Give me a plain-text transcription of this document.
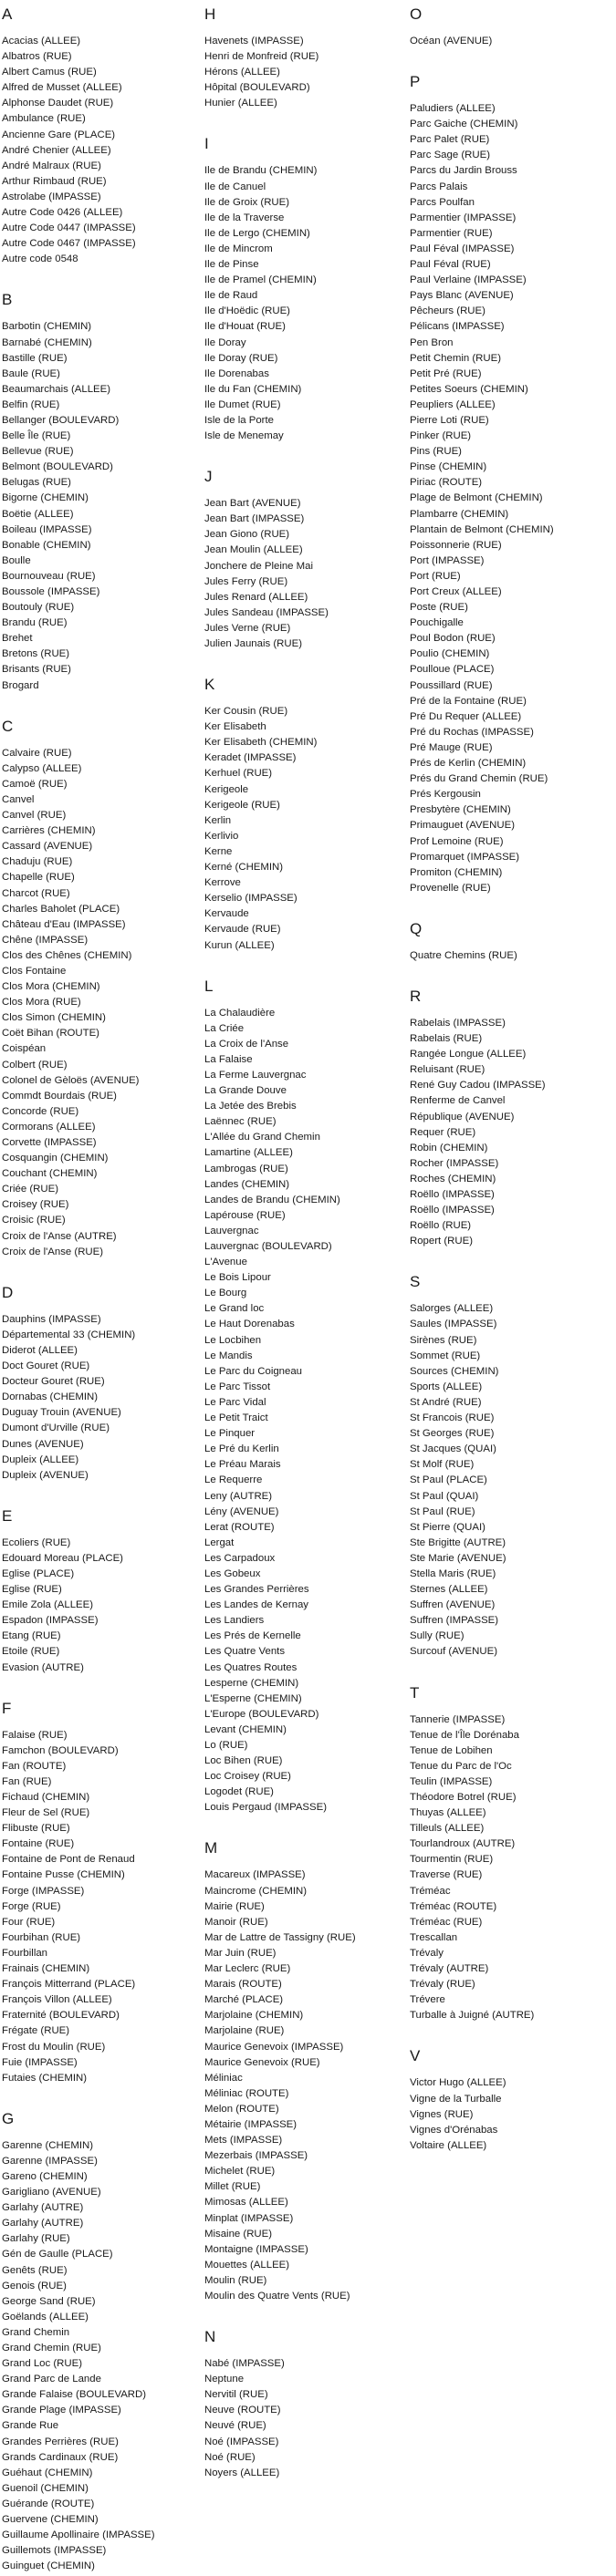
A
Acacias (ALLEE)
Albatros (RUE)
Albert Camus (RUE)
Alfred de Musset (ALLEE)
Alphonse Daudet (RUE)
Ambulance (RUE)
Ancienne Gare (PLACE)
André Chenier (ALLEE)
André Malraux (RUE)
Arthur Rimbaud (RUE)
Astrolabe (IMPASSE)
Autre Code 0426 (ALLEE)
Autre Code 0447 (IMPASSE)
Autre Code 0467 (IMPASSE)
Autre code 0548
B
Barbotin (CHEMIN)
Barnabé (CHEMIN)
Bastille (RUE)
Baule (RUE)
Beaumarchais (ALLEE)
Belfin (RUE)
Bellanger (BOULEVARD)
Belle Île (RUE)
Bellevue (RUE)
Belmont (BOULEVARD)
Belugas (RUE)
Bigorne (CHEMIN)
Boëtie (ALLEE)
Boileau (IMPASSE)
Bonable (CHEMIN)
Boulle
Bournouveau (RUE)
Boussole (IMPASSE)
Boutouly (RUE)
Brandu (RUE)
Brehet
Bretons (RUE)
Brisants (RUE)
Brogard
C
Calvaire (RUE)
Calypso (ALLEE)
Camoë (RUE)
Canvel
Canvel (RUE)
Carrières (CHEMIN)
Cassard (AVENUE)
Chaduju (RUE)
Chapelle (RUE)
Charcot (RUE)
Charles Baholet (PLACE)
Château d'Eau (IMPASSE)
Chêne (IMPASSE)
Clos des Chênes (CHEMIN)
Clos Fontaine
Clos Mora (CHEMIN)
Clos Mora (RUE)
Clos Simon (CHEMIN)
Coët Bihan (ROUTE)
Coispéan
Colbert (RUE)
Colonel de Gèloës (AVENUE)
Commdt Bourdais (RUE)
Concorde (RUE)
Cormorans (ALLEE)
Corvette (IMPASSE)
Cosquangin (CHEMIN)
Couchant (CHEMIN)
Criée (RUE)
Croisey (RUE)
Croisic (RUE)
Croix de l'Anse (AUTRE)
Croix de l'Anse (RUE)
D
Dauphins (IMPASSE)
Départemental 33 (CHEMIN)
Diderot (ALLEE)
Doct Gouret (RUE)
Docteur Gouret (RUE)
Dornabas (CHEMIN)
Duguay Trouin (AVENUE)
Dumont d'Urville (RUE)
Dunes (AVENUE)
Dupleix (ALLEE)
Dupleix (AVENUE)
E
Ecoliers (RUE)
Edouard Moreau (PLACE)
Eglise (PLACE)
Eglise (RUE)
Emile Zola (ALLEE)
Espadon (IMPASSE)
Etang (RUE)
Etoile (RUE)
Evasion (AUTRE)
F
Falaise (RUE)
Famchon (BOULEVARD)
Fan (ROUTE)
Fan (RUE)
Fichaud (CHEMIN)
Fleur de Sel (RUE)
Flibuste (RUE)
Fontaine (RUE)
Fontaine de Pont de Renaud
Fontaine Pusse (CHEMIN)
Forge (IMPASSE)
Forge (RUE)
Four (RUE)
Fourbihan (RUE)
Fourbillan
Frainais (CHEMIN)
François Mitterrand (PLACE)
François Villon (ALLEE)
Fraternité (BOULEVARD)
Frégate (RUE)
Frost du Moulin (RUE)
Fuie (IMPASSE)
Futaies (CHEMIN)
G
Garenne (CHEMIN)
Garenne (IMPASSE)
Gareno (CHEMIN)
Garigliano (AVENUE)
Garlahy (AUTRE)
Garlahy (AUTRE)
Garlahy (RUE)
Gén de Gaulle (PLACE)
Genêts (RUE)
Genois (RUE)
George Sand (RUE)
Goëlands (ALLEE)
Grand Chemin
Grand Chemin (RUE)
Grand Loc (RUE)
Grand Parc de Lande
Grande Falaise (BOULEVARD)
Grande Plage (IMPASSE)
Grande Rue
Grandes Perrières (RUE)
Grands Cardinaux (RUE)
Guéhaut (CHEMIN)
Guenoil (CHEMIN)
Guérande (ROUTE)
Guervene (CHEMIN)
Guillaume Apollinaire (IMPASSE)
Guillemots (IMPASSE)
Guinguet (CHEMIN)
H
Havenets (IMPASSE)
Henri de Monfreid (RUE)
Hérons (ALLEE)
Hôpital (BOULEVARD)
Hunier (ALLEE)
I
Ile de Brandu (CHEMIN)
Ile de Canuel
Ile de Groix (RUE)
Ile de la Traverse
Ile de Lergo (CHEMIN)
Ile de Mincrom
Ile de Pinse
Ile de Pramel (CHEMIN)
Ile de Raud
Ile d'Hoëdic (RUE)
Ile d'Houat (RUE)
Ile Doray
Ile Doray (RUE)
Ile Dorenabas
Ile du Fan (CHEMIN)
Ile Dumet (RUE)
Isle de la Porte
Isle de Menemay
J
Jean Bart (AVENUE)
Jean Bart (IMPASSE)
Jean Giono (RUE)
Jean Moulin (ALLEE)
Jonchere de Pleine Mai
Jules Ferry (RUE)
Jules Renard (ALLEE)
Jules Sandeau (IMPASSE)
Jules Verne (RUE)
Julien Jaunais (RUE)
K
Ker Cousin (RUE)
Ker Elisabeth
Ker Elisabeth (CHEMIN)
Keradet (IMPASSE)
Kerhuel (RUE)
Kerigeole
Kerigeole (RUE)
Kerlin
Kerlivio
Kerne
Kerné (CHEMIN)
Kerrove
Kerselio (IMPASSE)
Kervaude
Kervaude (RUE)
Kurun (ALLEE)
L
La Chalaudière
La Criée
La Croix de l'Anse
La Falaise
La Ferme Lauvergnac
La Grande Douve
La Jetée des Brebis
Laënnec (RUE)
L'Allée du Grand Chemin
Lamartine (ALLEE)
Lambrogas (RUE)
Landes (CHEMIN)
Landes de Brandu (CHEMIN)
Lapérouse (RUE)
Lauvergnac
Lauvergnac (BOULEVARD)
L'Avenue
Le Bois Lipour
Le Bourg
Le Grand loc
Le Haut Dorenabas
Le Locbihen
Le Mandis
Le Parc du Coigneau
Le Parc Tissot
Le Parc Vidal
Le Petit Traict
Le Pinquer
Le Pré du Kerlin
Le Préau Marais
Le Requerre
Leny (AUTRE)
Lény (AVENUE)
Lerat (ROUTE)
Lergat
Les Carpadoux
Les Gobeux
Les Grandes Perrières
Les Landes de Kernay
Les Landiers
Les Prés de Kernelle
Les Quatre Vents
Les Quatres Routes
Lesperne (CHEMIN)
L'Esperne (CHEMIN)
L'Europe (BOULEVARD)
Levant (CHEMIN)
Lo (RUE)
Loc Bihen (RUE)
Loc Croisey (RUE)
Logodet (RUE)
Louis Pergaud (IMPASSE)
M
Macareux (IMPASSE)
Maincrome (CHEMIN)
Mairie (RUE)
Manoir (RUE)
Mar de Lattre de Tassigny (RUE)
Mar Juin (RUE)
Mar Leclerc (RUE)
Marais (ROUTE)
Marché (PLACE)
Marjolaine (CHEMIN)
Marjolaine (RUE)
Maurice Genevoix (IMPASSE)
Maurice Genevoix (RUE)
Méliniac
Méliniac (ROUTE)
Melon (ROUTE)
Métairie (IMPASSE)
Mets (IMPASSE)
Mezerbais (IMPASSE)
Michelet (RUE)
Millet (RUE)
Mimosas (ALLEE)
Minplat (IMPASSE)
Misaine (RUE)
Montaigne (IMPASSE)
Mouettes (ALLEE)
Moulin (RUE)
Moulin des Quatre Vents (RUE)
N
Nabé (IMPASSE)
Neptune
Nervitil (RUE)
Neuve (ROUTE)
Neuvé (RUE)
Noé (IMPASSE)
Noé (RUE)
Noyers (ALLEE)
O
Océan (AVENUE)
P
Paludiers (ALLEE)
Parc Gaiche (CHEMIN)
Parc Palet (RUE)
Parc Sage (RUE)
Parcs du Jardin Brouss
Parcs Palais
Parcs Poulfan
Parmentier (IMPASSE)
Parmentier (RUE)
Paul Féval (IMPASSE)
Paul Féval (RUE)
Paul Verlaine (IMPASSE)
Pays Blanc (AVENUE)
Pêcheurs (RUE)
Pélicans (IMPASSE)
Pen Bron
Petit Chemin (RUE)
Petit Pré (RUE)
Petites Soeurs (CHEMIN)
Peupliers (ALLEE)
Pierre Loti (RUE)
Pinker (RUE)
Pins (RUE)
Pinse (CHEMIN)
Piriac (ROUTE)
Plage de Belmont (CHEMIN)
Plambarre (CHEMIN)
Plantain de Belmont (CHEMIN)
Poissonnerie (RUE)
Port (IMPASSE)
Port (RUE)
Port Creux (ALLEE)
Poste (RUE)
Pouchigalle
Poul Bodon (RUE)
Poulio (CHEMIN)
Poulloue (PLACE)
Poussillard (RUE)
Pré de la Fontaine (RUE)
Pré Du Requer (ALLEE)
Pré du Rochas (IMPASSE)
Pré Mauge (RUE)
Prés de Kerlin (CHEMIN)
Prés du Grand Chemin (RUE)
Prés Kergousin
Presbytère (CHEMIN)
Primauguet (AVENUE)
Prof Lemoine (RUE)
Promarquet (IMPASSE)
Promiton (CHEMIN)
Provenelle (RUE)
Q
Quatre Chemins (RUE)
R
Rabelais (IMPASSE)
Rabelais (RUE)
Rangée Longue (ALLEE)
Reluisant (RUE)
René Guy Cadou (IMPASSE)
Renferme de Canvel
République (AVENUE)
Requer (RUE)
Robin (CHEMIN)
Rocher (IMPASSE)
Roches (CHEMIN)
Roëllo (IMPASSE)
Roëllo (IMPASSE)
Roëllo (RUE)
Ropert (RUE)
S
Salorges (ALLEE)
Saules (IMPASSE)
Sirènes (RUE)
Sommet (RUE)
Sources (CHEMIN)
Sports (ALLEE)
St André (RUE)
St Francois (RUE)
St Georges (RUE)
St Jacques (QUAI)
St Molf (RUE)
St Paul (PLACE)
St Paul (QUAI)
St Paul (RUE)
St Pierre (QUAI)
Ste Brigitte (AUTRE)
Ste Marie (AVENUE)
Stella Maris (RUE)
Sternes (ALLEE)
Suffren (AVENUE)
Suffren (IMPASSE)
Sully (RUE)
Surcouf (AVENUE)
T
Tannerie (IMPASSE)
Tenue de l'Île Dorénaba
Tenue de Lobihen
Tenue du Parc de l'Oc
Teulin (IMPASSE)
Théodore Botrel (RUE)
Thuyas (ALLEE)
Tilleuls (ALLEE)
Tourlandroux (AUTRE)
Tourmentin (RUE)
Traverse (RUE)
Tréméac
Tréméac (ROUTE)
Tréméac (RUE)
Trescallan
Trévaly
Trévaly (AUTRE)
Trévaly (RUE)
Trévere
Turballe à Juigné (AUTRE)
V
Victor Hugo (ALLEE)
Vigne de la Turballe
Vignes (RUE)
Vignes d'Orénabas
Voltaire (ALLEE)
